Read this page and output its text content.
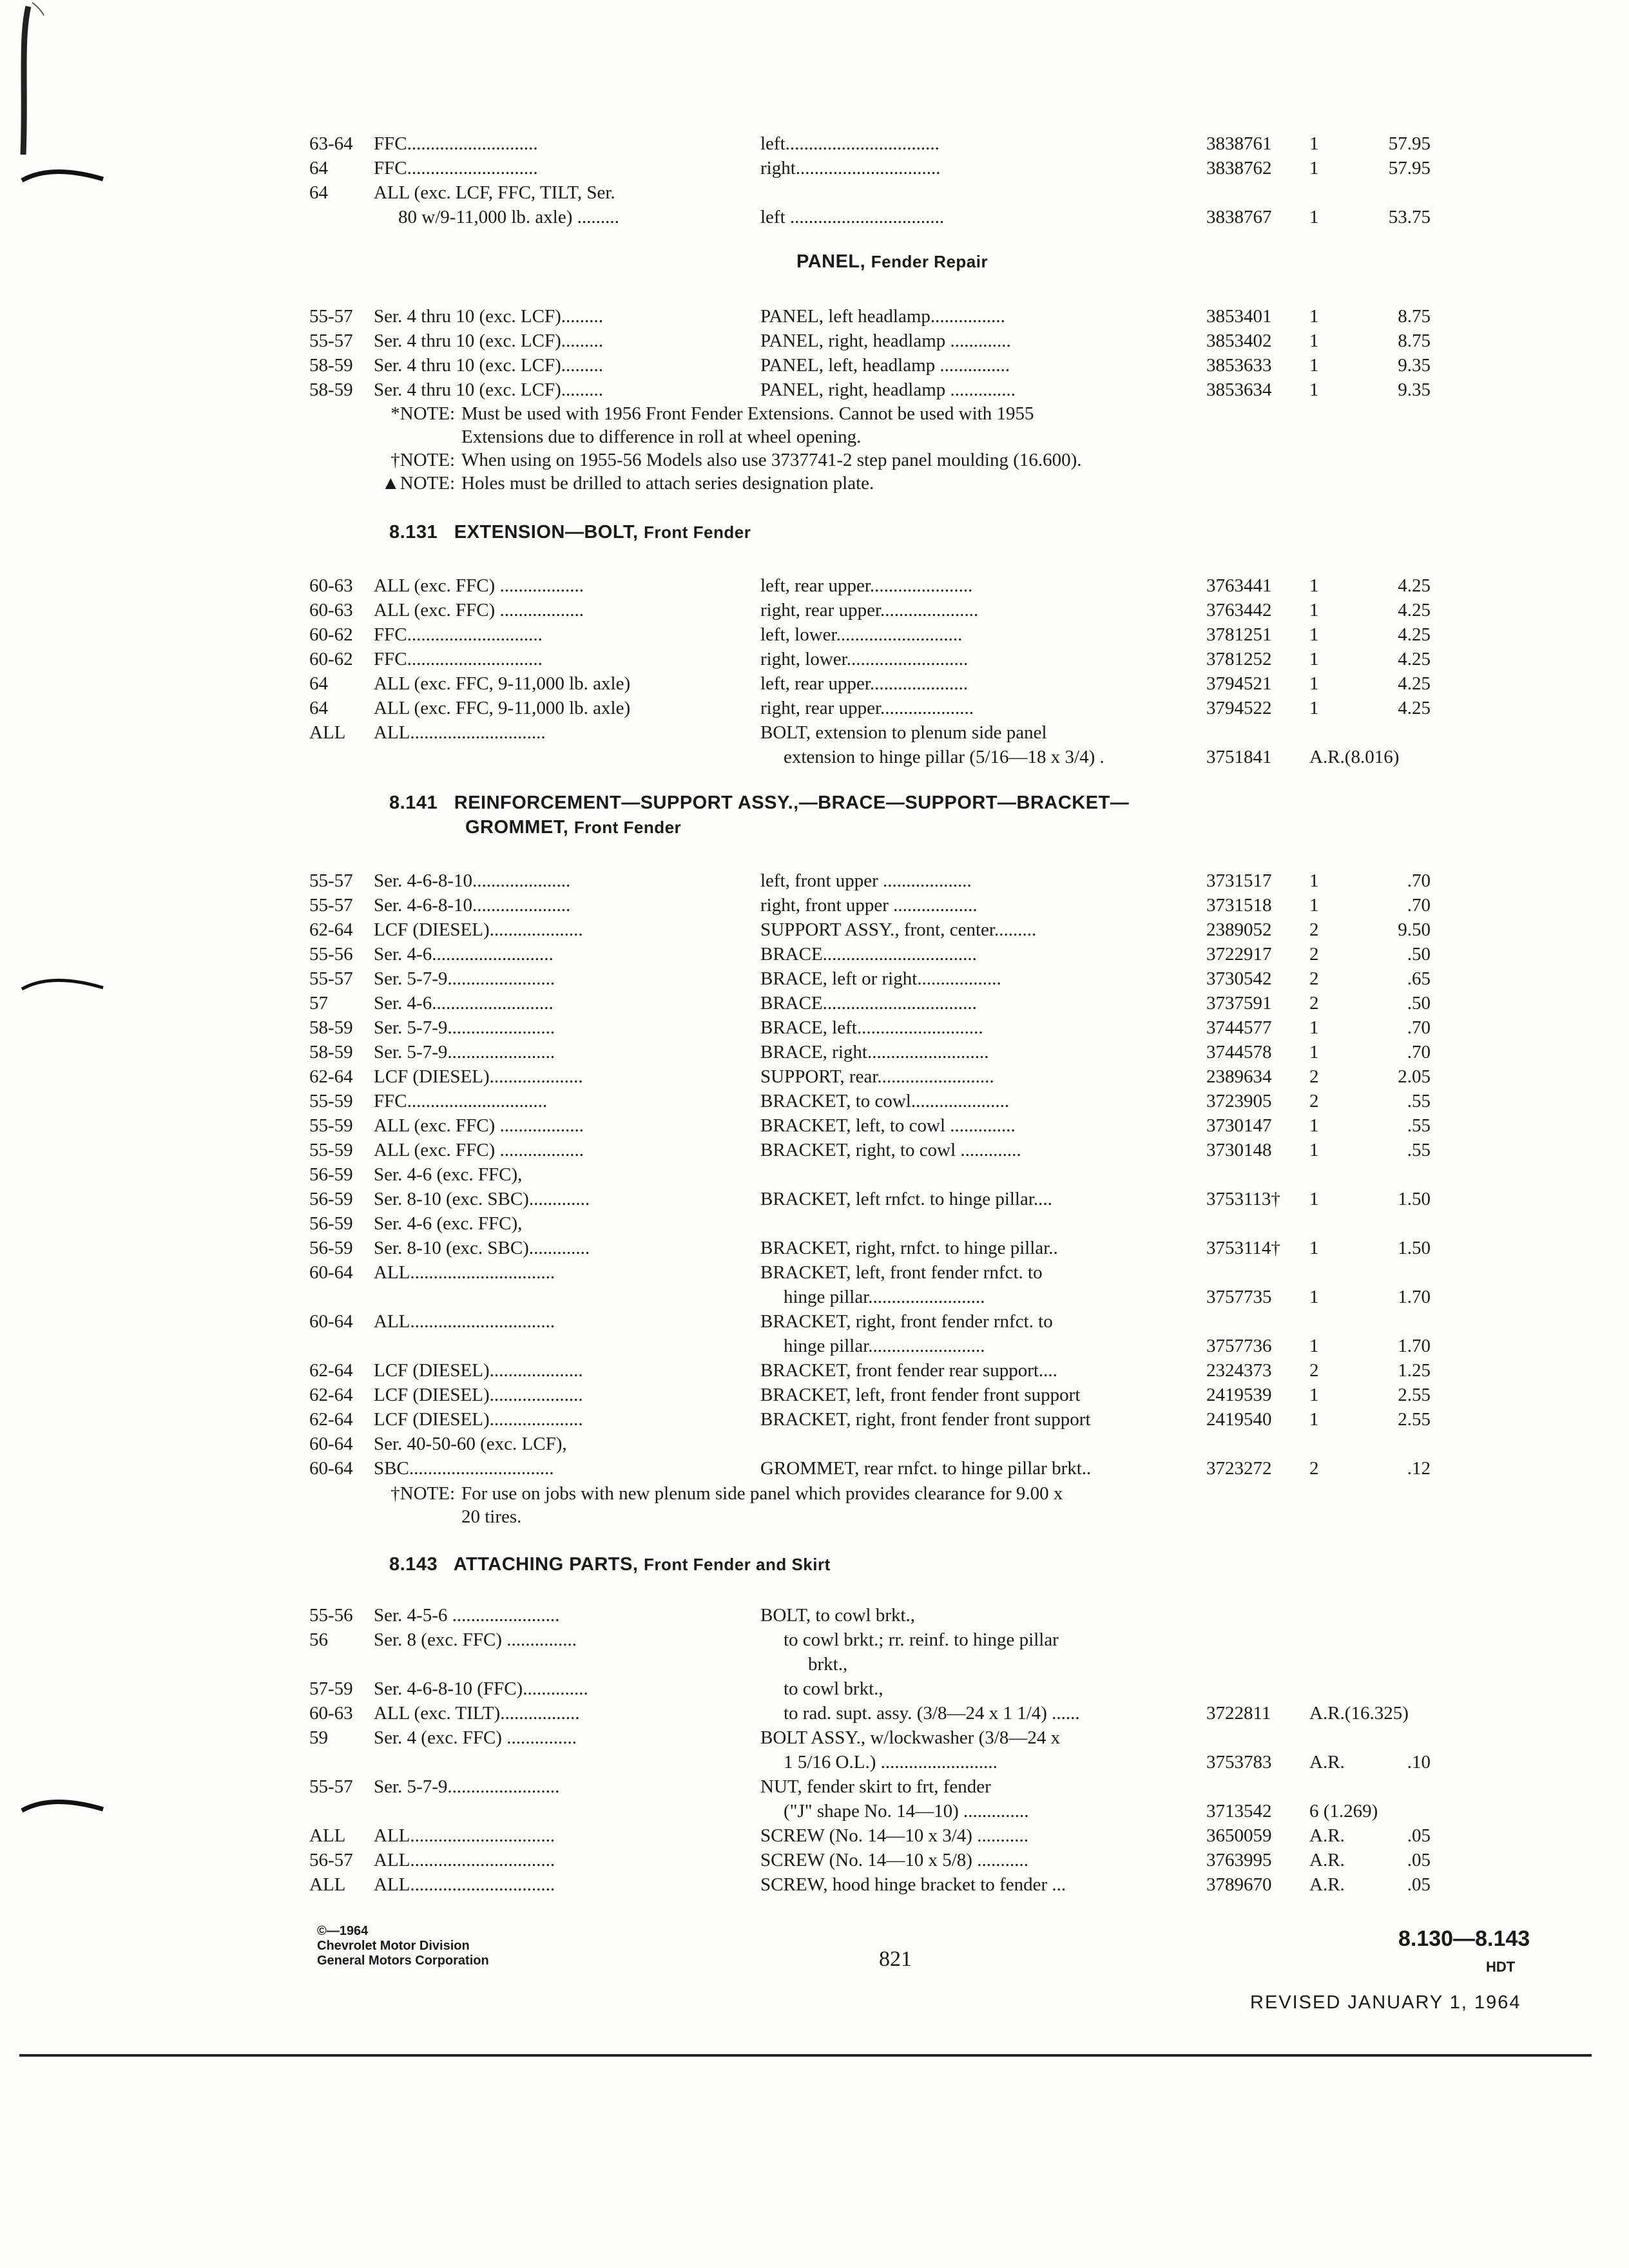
63-64	FFC............................	left.................................	3838761	1	57.95
64	FFC............................	right...............................	3838762	1	57.95
64	ALL (exc. LCF, FFC, TILT, Ser.
80 w/9-11,000 lb. axle) .........	left .................................	3838767	1	53.75
PANEL, Fender Repair
55-57	Ser. 4 thru 10 (exc. LCF).........	PANEL, left headlamp................	3853401	1	8.75
55-57	Ser. 4 thru 10 (exc. LCF).........	PANEL, right, headlamp .............	3853402	1	8.75
58-59	Ser. 4 thru 10 (exc. LCF).........	PANEL, left, headlamp ...............	3853633	1	9.35
58-59	Ser. 4 thru 10 (exc. LCF).........	PANEL, right, headlamp ..............	3853634	1	9.35
*NOTE: Must be used with 1956 Front Fender Extensions. Cannot be used with 1955
Extensions due to difference in roll at wheel opening.
†NOTE: When using on 1955-56 Models also use 3737741-2 step panel moulding (16.600).
▲NOTE: Holes must be drilled to attach series designation plate.
8.131 EXTENSION—BOLT, Front Fender
60-63	ALL (exc. FFC) ..................	left, rear upper......................	3763441	1	4.25
60-63	ALL (exc. FFC) ..................	right, rear upper.....................	3763442	1	4.25
60-62	FFC.............................	left, lower...........................	3781251	1	4.25
60-62	FFC.............................	right, lower..........................	3781252	1	4.25
64	ALL (exc. FFC, 9-11,000 lb. axle)	left, rear upper.....................	3794521	1	4.25
64	ALL (exc. FFC, 9-11,000 lb. axle)	right, rear upper....................	3794522	1	4.25
ALL	ALL.............................	BOLT, extension to plenum side panel
extension to hinge pillar (5/16—18 x 3/4) .	3751841	A.R.(8.016)
8.141 REINFORCEMENT—SUPPORT ASSY.,—BRACE—SUPPORT—BRACKET—
GROMMET, Front Fender
55-57	Ser. 4-6-8-10.....................	left, front upper ...................	3731517	1	.70
55-57	Ser. 4-6-8-10.....................	right, front upper ..................	3731518	1	.70
62-64	LCF (DIESEL)....................	SUPPORT ASSY., front, center.........	2389052	2	9.50
55-56	Ser. 4-6..........................	BRACE.................................	3722917	2	.50
55-57	Ser. 5-7-9.......................	BRACE, left or right..................	3730542	2	.65
57	Ser. 4-6..........................	BRACE.................................	3737591	2	.50
58-59	Ser. 5-7-9.......................	BRACE, left...........................	3744577	1	.70
58-59	Ser. 5-7-9.......................	BRACE, right..........................	3744578	1	.70
62-64	LCF (DIESEL)....................	SUPPORT, rear.........................	2389634	2	2.05
55-59	FFC..............................	BRACKET, to cowl.....................	3723905	2	.55
55-59	ALL (exc. FFC) ..................	BRACKET, left, to cowl ..............	3730147	1	.55
55-59	ALL (exc. FFC) ..................	BRACKET, right, to cowl .............	3730148	1	.55
56-59	Ser. 4-6 (exc. FFC),
56-59	Ser. 8-10 (exc. SBC).............	BRACKET, left rnfct. to hinge pillar....	3753113†	1	1.50
56-59	Ser. 4-6 (exc. FFC),
56-59	Ser. 8-10 (exc. SBC).............	BRACKET, right, rnfct. to hinge pillar..	3753114†	1	1.50
60-64	ALL...............................	BRACKET, left, front fender rnfct. to
hinge pillar.........................	3757735	1	1.70
60-64	ALL...............................	BRACKET, right, front fender rnfct. to
hinge pillar.........................	3757736	1	1.70
62-64	LCF (DIESEL)....................	BRACKET, front fender rear support....	2324373	2	1.25
62-64	LCF (DIESEL)....................	BRACKET, left, front fender front support	2419539	1	2.55
62-64	LCF (DIESEL)....................	BRACKET, right, front fender front support	2419540	1	2.55
60-64	Ser. 40-50-60 (exc. LCF),
60-64	SBC...............................	GROMMET, rear rnfct. to hinge pillar brkt..	3723272	2	.12
†NOTE: For use on jobs with new plenum side panel which provides clearance for 9.00 x
20 tires.
8.143 ATTACHING PARTS, Front Fender and Skirt
55-56	Ser. 4-5-6 .......................	BOLT, to cowl brkt.,
56	Ser. 8 (exc. FFC) ...............	to cowl brkt.; rr. reinf. to hinge pillar
brkt.,
57-59	Ser. 4-6-8-10 (FFC)..............	to cowl brkt.,
60-63	ALL (exc. TILT).................	to rad. supt. assy. (3/8—24 x 1 1/4) ......	3722811	A.R.(16.325)
59	Ser. 4 (exc. FFC) ...............	BOLT ASSY., w/lockwasher (3/8—24 x
1 5/16 O.L.) .........................	3753783	A.R.	.10
55-57	Ser. 5-7-9........................	NUT, fender skirt to frt, fender
("J" shape No. 14—10) ..............	3713542	6 (1.269)
ALL	ALL...............................	SCREW (No. 14—10 x 3/4) ...........	3650059	A.R.	.05
56-57	ALL...............................	SCREW (No. 14—10 x 5/8) ...........	3763995	A.R.	.05
ALL	ALL...............................	SCREW, hood hinge bracket to fender ...	3789670	A.R.	.05
©—1964
Chevrolet Motor Division
General Motors Corporation	821
8.130—8.143
HDT
REVISED JANUARY 1, 1964
